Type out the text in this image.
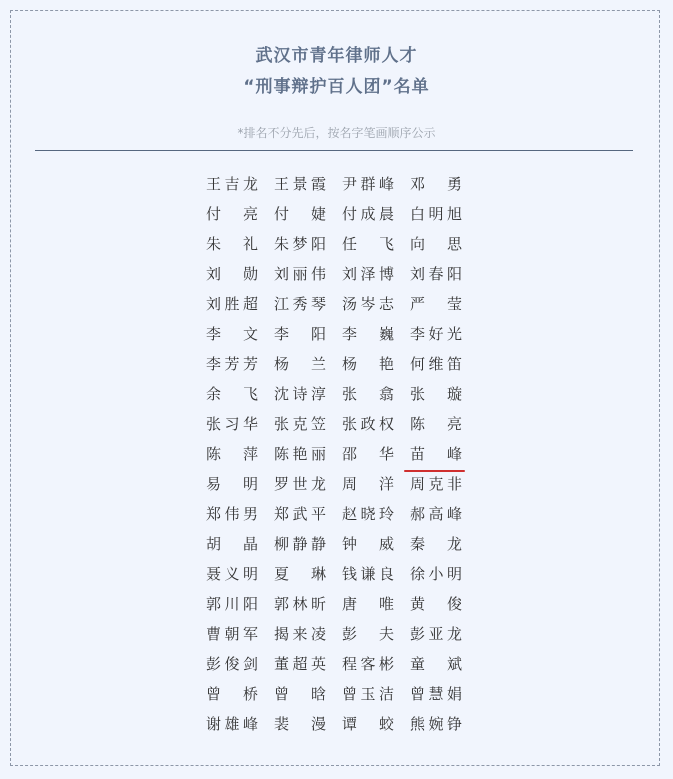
武汉市青年律师人才
“刑事辩护百人团”名单
*排名不分先后，按名字笔画顺序公示
王吉龙 王景霞 尹群峰 邓 勇
付 亮 付 婕 付成晨 白明旭
朱 礼 朱梦阳 任 飞 向 思
刘 勋 刘丽伟 刘泽博 刘春阳
刘胜超 江秀琴 汤岑志 严 莹
李 文 李 阳 李 巍 李好光
李芳芳 杨 兰 杨 艳 何维笛
余 飞 沈诗淳 张 翕 张 璇
张习华 张克笠 张政权 陈 亮
陈 萍 陈艳丽 邵 华 苗 峰
易 明 罗世龙 周 洋 周克非
郑伟男 郑武平 赵晓玲 郝高峰
胡 晶 柳静静 钟 威 秦 龙
聂义明 夏 琳 钱谦良 徐小明
郭川阳 郭林昕 唐 唯 黄 俊
曹朝军 揭来凌 彭 夫 彭亚龙
彭俊剑 董超英 程客彬 童 斌
曾 桥 曾 晗 曾玉洁 曾慧娟
谢雄峰 裴 漫 谭 蛟 熊婉铮
